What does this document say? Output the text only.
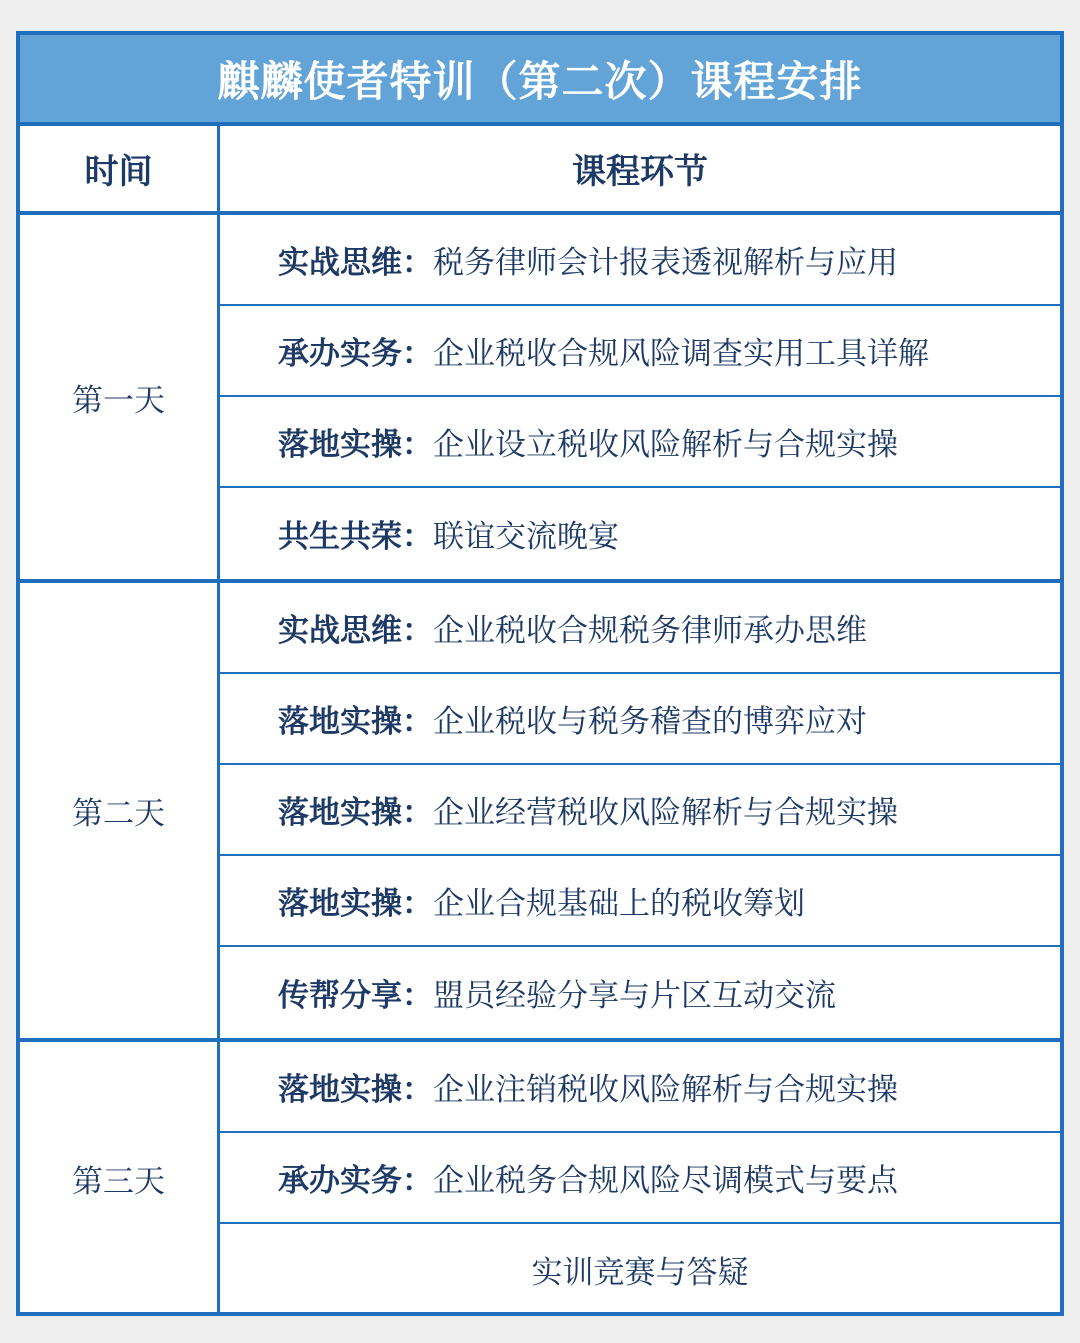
麒麟使者特训（第二次）课程安排
时间	课程环节
第一天
实战思维： 税务律师会计报表透视解析与应用
承办实务： 企业税收合规风险调查实用工具详解
落地实操： 企业设立税收风险解析与合规实操
共生共荣： 联谊交流晚宴
第二天
实战思维： 企业税收合规税务律师承办思维
落地实操： 企业税收与税务稽查的博弈应对
落地实操： 企业经营税收风险解析与合规实操
落地实操： 企业合规基础上的税收筹划
传帮分享： 盟员经验分享与片区互动交流
第三天
落地实操： 企业注销税收风险解析与合规实操
承办实务： 企业税务合规风险尽调模式与要点
实训竞赛与答疑
